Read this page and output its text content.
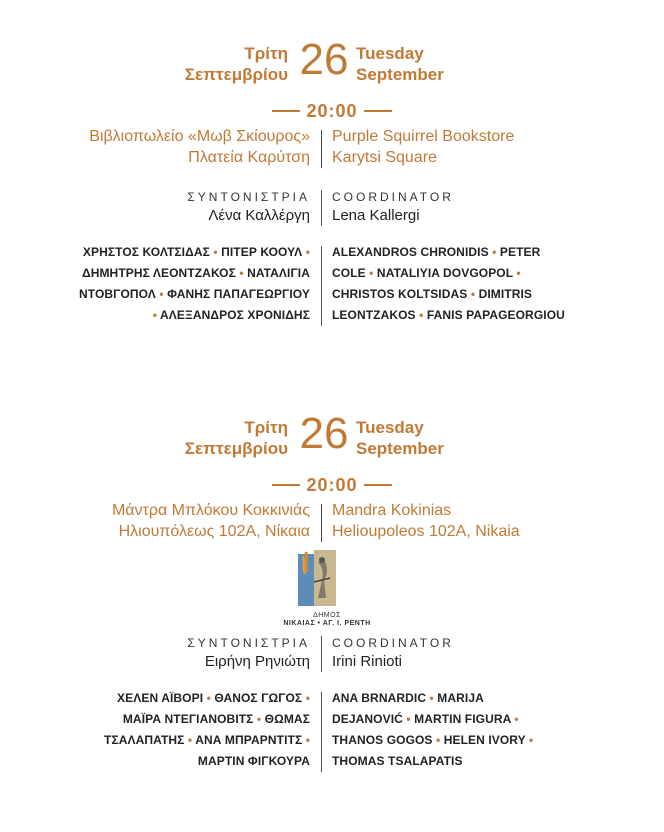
Τρίτη
Σεπτεμβρίου 26 Tuesday
September
20:00
Βιβλιοπωλείο «Μωβ Σκίουρος»
Πλατεία Καρύτση
Purple Squirrel Bookstore
Karytsi Square
ΣΥΝΤΟΝΙΣΤΡΙΑ
Λένα Καλλέργη
COORDINATOR
Lena Kallergi
ΧΡΗΣΤΟΣ ΚΟΛΤΣΙΔΑΣ • ΠΙΤΕΡ ΚΟΟΥΛ •
ΔΗΜΗΤΡΗΣ ΛΕΟΝΤΖΑΚΟΣ • ΝΑΤΑΛΙΓΙΑ
ΝΤΟΒΓΟΠΟΛ • ΦΑΝΗΣ ΠΑΠΑΓΕΩΡΓΙΟΥ
• ΑΛΕΞΑΝΔΡΟΣ ΧΡΟΝΙΔΗΣ
ALEXANDROS CHRONIDIS • PETER
COLE • NATALIYIA DOVGOPOL •
CHRISTOS KOLTSIDAS • DIMITRIS
LEONTZAKOS • FANIS PAPAGEORGIOU
Τρίτη
Σεπτεμβρίου 26 Tuesday
September
20:00
Μάντρα Μπλόκου Κοκκινιάς
Ηλιουπόλεως 102Α, Νίκαια
Mandra Kokinias
Helioupoleos 102A, Nikaia
ΔΗΜΟΣ
ΝΙΚΑΙΑΣ • ΑΓ. Ι. ΡΕΝΤΗ
ΣΥΝΤΟΝΙΣΤΡΙΑ
Ειρήνη Ρηνιώτη
COORDINATOR
Irini Rinioti
ΧΕΛΕΝ ΑΪΒΟΡΙ • ΘΑΝΟΣ ΓΩΓΟΣ •
ΜΑΪΡΑ ΝΤΕΓΙΑΝΟΒΙΤΣ • ΘΩΜΑΣ
ΤΣΑΛΑΠΑΤΗΣ • ΑΝΑ ΜΠΡΑΡΝΤΙΤΣ •
ΜΑΡΤΙΝ ΦΙΓΚΟΥΡΑ
ANA BRNARDIC • MARIJA
DEJANOVIĆ • MARTIN FIGURA •
THANOS GOGOS • HELEN IVORY •
THOMAS TSALAPATIS
